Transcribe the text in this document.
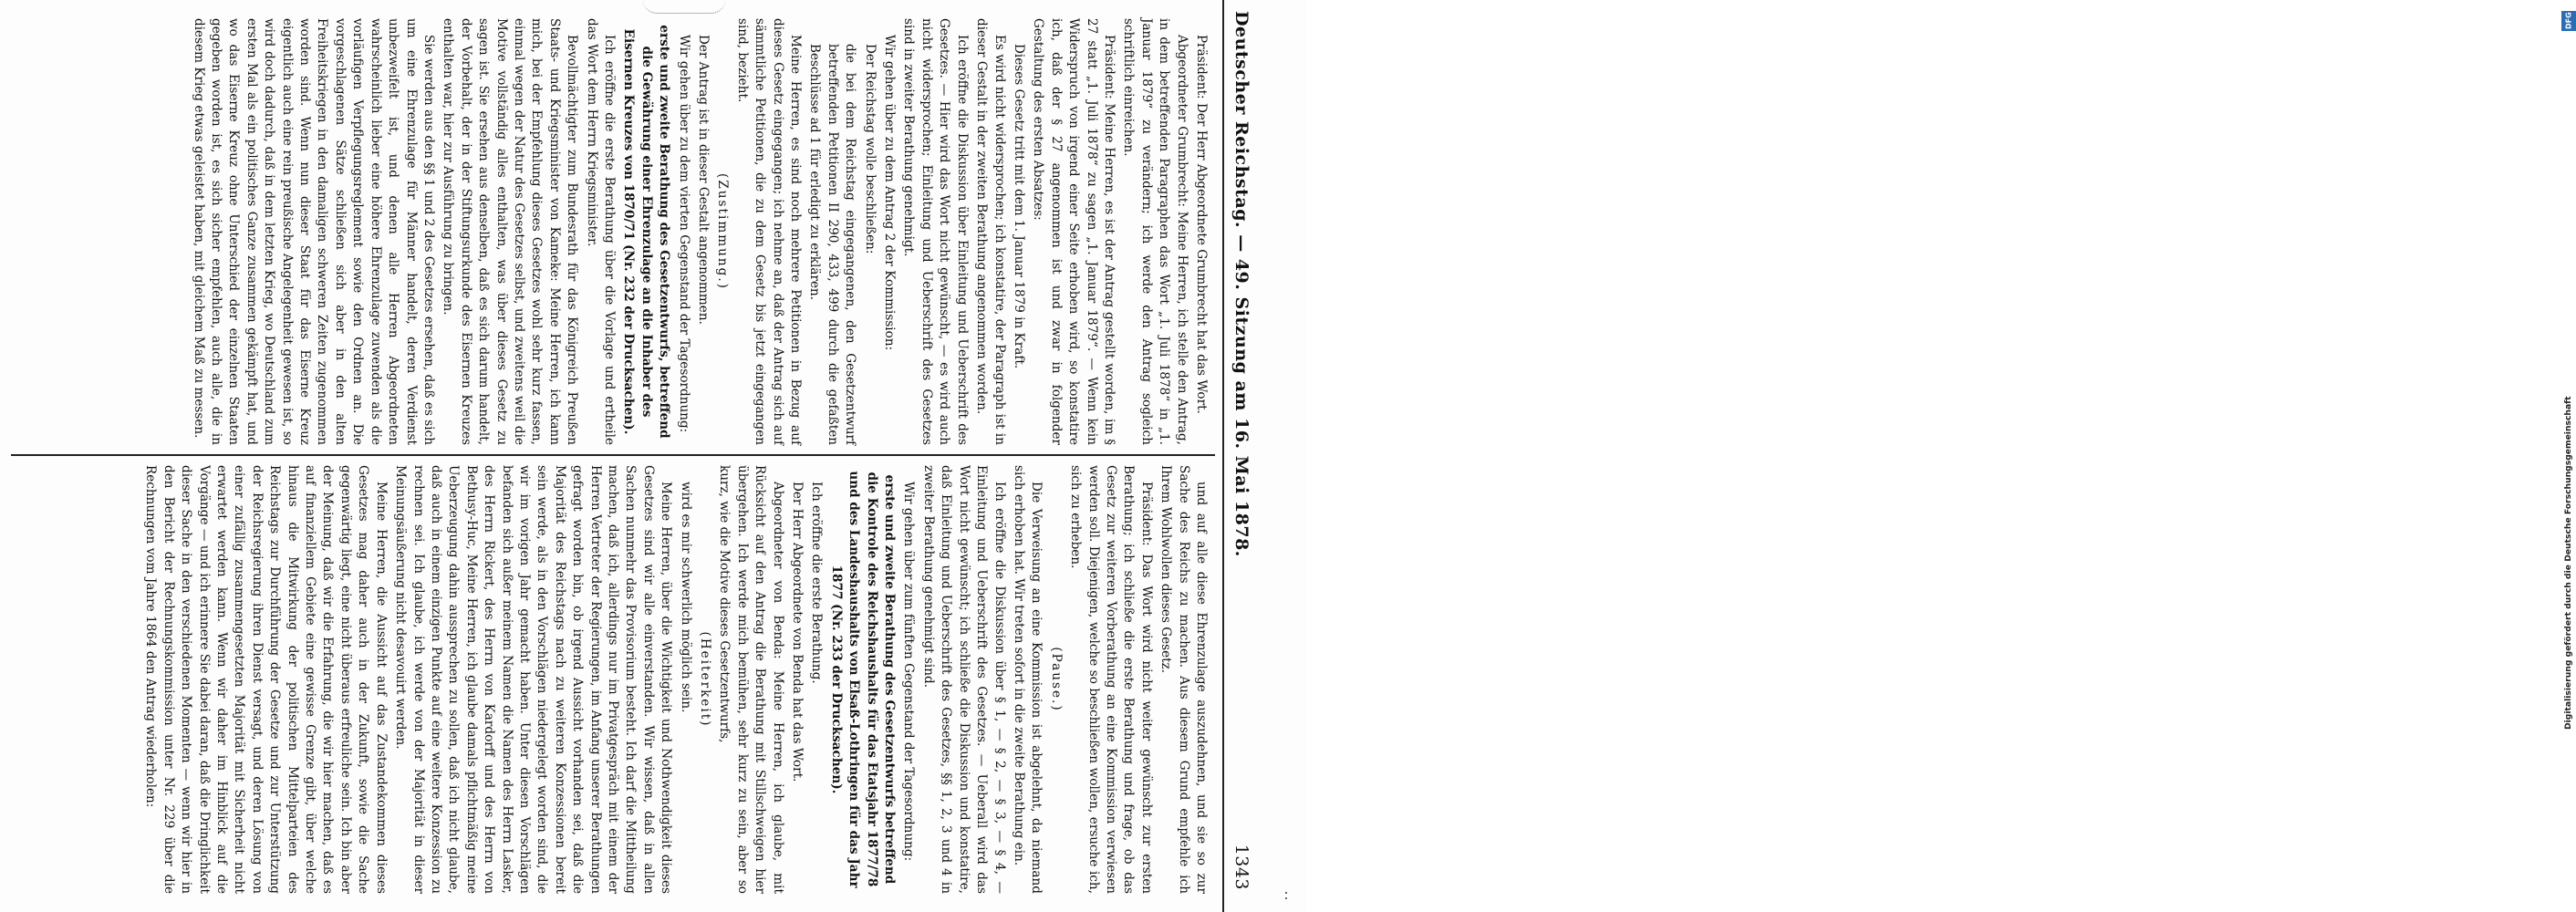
Deutscher Reichstag. — 49. Sitzung am 16. Mai 1878.
1343

Präsident: Der Herr Abgeordnete Grumbrecht hat das Wort.

Abgeordneter Grumbrecht: Meine Herren, ich stelle den Antrag, in dem betreffenden Paragraphen das Wort „1. Juli 1878“ in „1. Januar 1879“ zu verändern; ich werde den Antrag sogleich schriftlich einreichen.

Präsident: Meine Herren, es ist der Antrag gestellt worden, im § 27 statt „1. Juli 1878“ zu sagen „1. Januar 1879“. — Wenn kein Widerspruch von irgend einer Seite erhoben wird, so konstatire ich, daß der § 27 angenommen ist und zwar in folgender Gestaltung des ersten Absatzes:

Dieses Gesetz tritt mit dem 1. Januar 1879 in Kraft.

Es wird nicht widersprochen; ich konstatire, der Paragraph ist in dieser Gestalt in der zweiten Berathung angenommen worden.

Ich eröffne die Diskussion über Einleitung und Ueberschrift des Gesetzes. — Hier wird das Wort nicht gewünscht, — es wird auch nicht widersprochen; Einleitung und Ueberschrift des Gesetzes sind in zweiter Berathung genehmigt.

Wir gehen über zu dem Antrag 2 der Kommission:

Der Reichstag wolle beschließen:

die bei dem Reichstag eingegangenen, den Gesetzentwurf betreffenden Petitionen II 290, 433, 499 durch die gefaßten Beschlüsse ad 1 für erledigt zu erklären.

Meine Herren, es sind noch mehrere Petitionen in Bezug auf dieses Gesetz eingegangen; ich nehme an, daß der Antrag sich auf sämmtliche Petitionen, die zu dem Gesetz bis jetzt eingegangen sind, bezieht.

(Zustimmung.)

Der Antrag ist in dieser Gestalt angenommen.

Wir gehen über zu dem vierten Gegenstand der Tagesordnung:

erste und zweite Berathung des Gesetzentwurfs, betreffend die Gewährung einer Ehrenzulage an die Inhaber des Eisernen Kreuzes von 1870/71 (Nr. 232 der Drucksachen).

Ich eröffne die erste Berathung über die Vorlage und ertheile das Wort dem Herrn Kriegsminister.

Bevollmächtigter zum Bundesrath für das Königreich Preußen Staats- und Kriegsminister von Kameke: Meine Herren, ich kann mich, bei der Empfehlung dieses Gesetzes wohl sehr kurz fassen, einmal wegen der Natur des Gesetzes selbst, und zweitens weil die Motive vollständig alles enthalten, was über dieses Gesetz zu sagen ist. Sie ersehen aus denselben, daß es sich darum handelt, der Vorbehalt, der in der Stiftungsurkunde des Eisernen Kreuzes enthalten war, hier zur Ausführung zu bringen.

Sie werden aus den §§ 1 und 2 des Gesetzes ersehen, daß es sich um eine Ehrenzulage für Männer handelt, deren Verdienst unbezweifelt ist, und denen alle Herren Abgeordneten wahrscheinlich lieber eine höhere Ehrenzulage zuwenden als die vorläufigen Verpflegungsreglement sowie den Ordnen an. Die vorgeschlagenen Sätze schließen sich aber in den alten Freiheitskriegen in den damaligen schweren Zeiten zugenommen worden sind. Wenn nun dieser Staat für das Eiserne Kreuz eigentlich auch eine rein preußische Angelegenheit gewesen ist, so wird doch dadurch, daß in dem letzten Krieg, wo Deutschland zum ersten Mal als ein politisches Ganze zusammen gekämpft hat, und wo das Eiserne Kreuz ohne Unterschied der einzelnen Staaten gegeben worden ist, es sich sicher empfehlen, auch alle, die in diesem Krieg etwas geleistet haben, mit gleichem Maß zu messen.

und auf alle diese Ehrenzulage auszudehnen, und sie so zur Sache des Reichs zu machen. Aus diesem Grund empfehle ich Ihrem Wohlwollen dieses Gesetz.

Präsident: Das Wort wird nicht weiter gewünscht zur ersten Berathung; ich schließe die erste Berathung und frage, ob das Gesetz zur weiteren Vorberathung an eine Kommission verwiesen werden soll. Diejenigen, welche so beschließen wollen, ersuche ich, sich zu erheben.

(Pause.)

Die Verweisung an eine Kommission ist abgelehnt, da niemand sich erhoben hat. Wir treten sofort in die zweite Berathung ein.

Ich eröffne die Diskussion über § 1, — § 2, — § 3, — § 4, — Einleitung und Ueberschrift des Gesetzes. — Ueberall wird das Wort nicht gewünscht; ich schließe die Diskussion und konstatire, daß Einleitung und Ueberschrift des Gesetzes, §§ 1, 2, 3 und 4 in zweiter Berathung genehmigt sind.

Wir gehen über zum fünften Gegenstand der Tagesordnung:

erste und zweite Berathung des Gesetzentwurfs betreffend die Kontrole des Reichshaushalts für das Etatsjahr 1877/78 und des Landeshaushalts von Elsaß-Lothringen für das Jahr 1877 (Nr. 233 der Drucksachen).

Ich eröffne die erste Berathung.

Der Herr Abgeordnete von Benda hat das Wort.

Abgeordneter von Benda: Meine Herren, ich glaube, mit Rücksicht auf den Antrag die Berathung mit Stillschweigen hier übergehen. Ich werde mich bemühen, sehr kurz zu sein, aber so kurz, wie die Motive dieses Gesetzentwurfs,

(Heiterkeit)

wird es mir schwerlich möglich sein.

Meine Herren, über die Wichtigkeit und Nothwendigkeit dieses Gesetzes sind wir alle einverstanden. Wir wissen, daß in allen Sachen nunmehr das Provisorium besteht. Ich darf die Mittheilung machen, daß ich, allerdings nur im Privatgespräch mit einem der Herren Vertreter der Regierungen, im Anfang unserer Berathungen gefragt worden bin, ob irgend Aussicht vorhanden sei, daß die Majorität des Reichstags nach zu weiteren Konzessionen bereit sein werde, als in den Vorschlägen niedergelegt worden sind, die wir im vorigen Jahr gemacht haben. Unter diesen Vorschlägen befanden sich außer meinem Namen die Namen des Herrn Lasker, des Herrn Rickert, des Herrn von Kardorff und des Herrn von Bethusy-Huc, Meine Herren, ich glaube damals pflichtmäßig meine Ueberzeugung dahin aussprechen zu sollen, daß ich nicht glaube, daß auch in einem einzigen Punkte auf eine weitere Konzession zu rechnen sei. Ich glaube, ich werde von der Majorität in dieser Meinungsäußerung nicht desavouirt werden.

Meine Herren, die Aussicht auf das Zustandekommen dieses Gesetzes mag daher auch in der Zukunft, sowie die Sache gegenwärtig liegt, eine nicht überaus erfreuliche sein. Ich bin aber der Meinung, daß wir die Erfahrung, die wir hier machen, daß es auf finanziellem Gebiete eine gewisse Grenze gibt, über welche hinaus die Mitwirkung der politischen Mittelparteien des Reichstags zur Durchführung der Gesetze und zur Unterstützung der Reichsregierung ihren Dienst versagt, und deren Lösung von einer zufällig zusammengesetzten Majorität mit Sicherheit nicht erwartet werden kann. Wenn wir daher im Hinblick auf die Vorgänge — und ich erinnere Sie dabei daran, daß die Dringlichkeit dieser Sache in den verschiedenen Momenten — wenn wir hier in den Bericht der Rechnungskommission unter Nr. 229 über die Rechnungen vom Jahre 1864 den Antrag wiederholen:

DFG
Digitalisierung gefördert durch die Deutsche Forschungsgemeinschaft
